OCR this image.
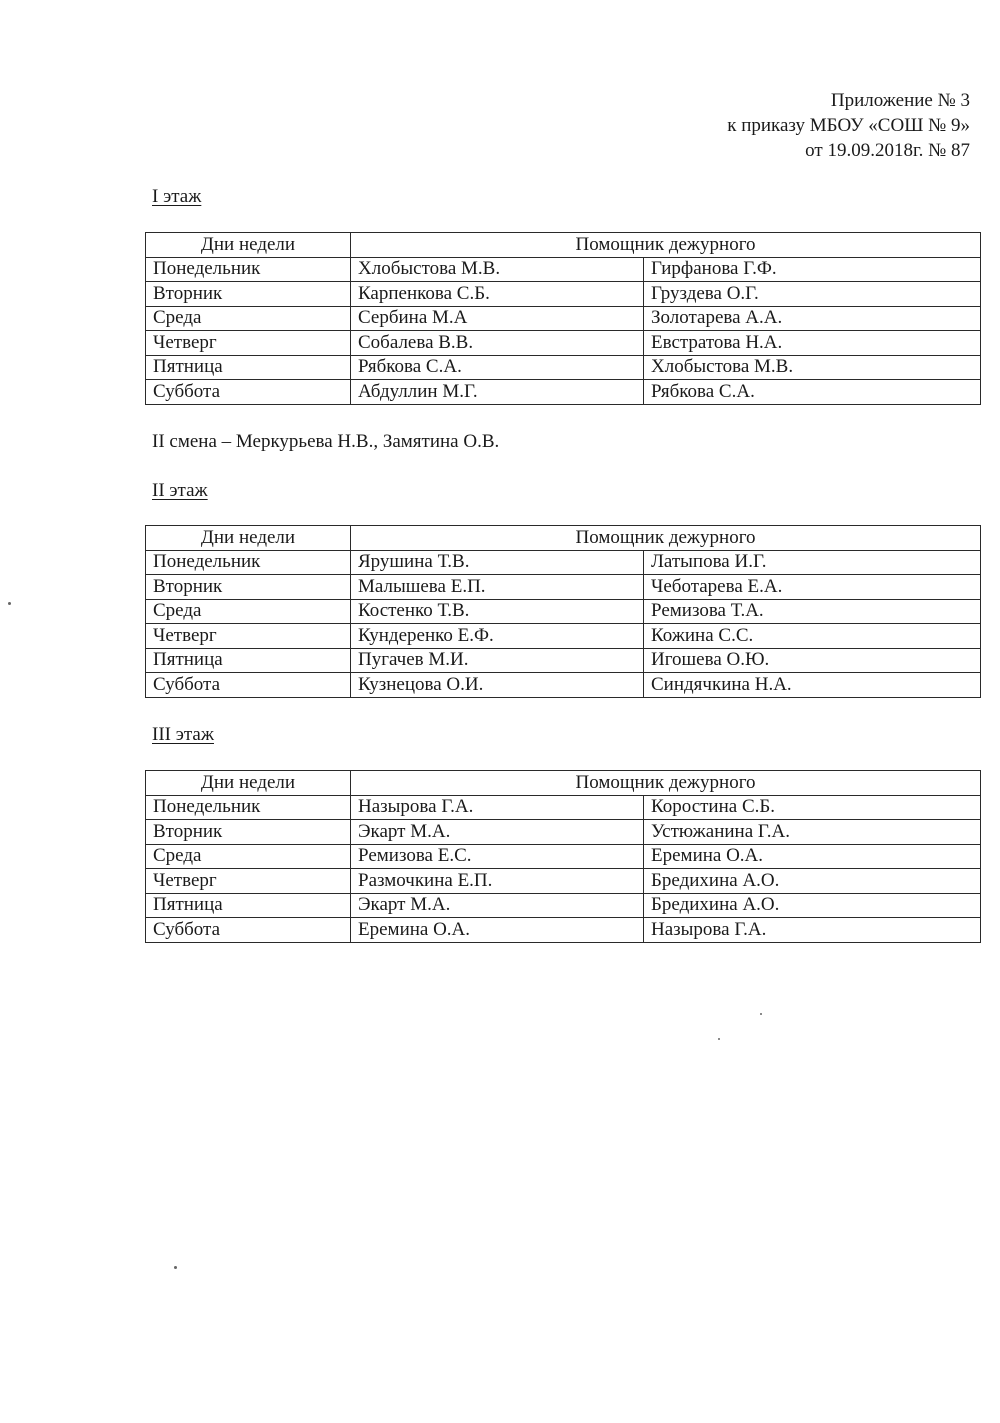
Приложение № 3
к приказу МБОУ «СОШ № 9»
от 19.09.2018г. № 87
I этаж
Дни недели	Помощник дежурного	
Понедельник	Хлобыстова М.В.	Гирфанова Г.Ф.
Вторник	Карпенкова С.Б.	Груздева О.Г.
Среда	Сербина М.А	Золотарева А.А.
Четверг	Собалева В.В.	Евстратова Н.А.
Пятница	Рябкова С.А.	Хлобыстова М.В.
Суббота	Абдуллин М.Г.	Рябкова С.А.
II смена – Меркурьева Н.В., Замятина О.В.
II этаж
Дни недели	Помощник дежурного	
Понедельник	Ярушина Т.В.	Латыпова И.Г.
Вторник	Малышева Е.П.	Чеботарева Е.А.
Среда	Костенко Т.В.	Ремизова Т.А.
Четверг	Кундеренко Е.Ф.	Кожина С.С.
Пятница	Пугачев М.И.	Игошева О.Ю.
Суббота	Кузнецова О.И.	Синдячкина Н.А.
III этаж
Дни недели	Помощник дежурного	
Понедельник	Назырова Г.А.	Коростина С.Б.
Вторник	Экарт М.А.	Устюжанина Г.А.
Среда	Ремизова Е.С.	Еремина О.А.
Четверг	Размочкина Е.П.	Бредихина А.О.
Пятница	Экарт М.А.	Бредихина А.О.
Суббота	Еремина О.А.	Назырова Г.А.
